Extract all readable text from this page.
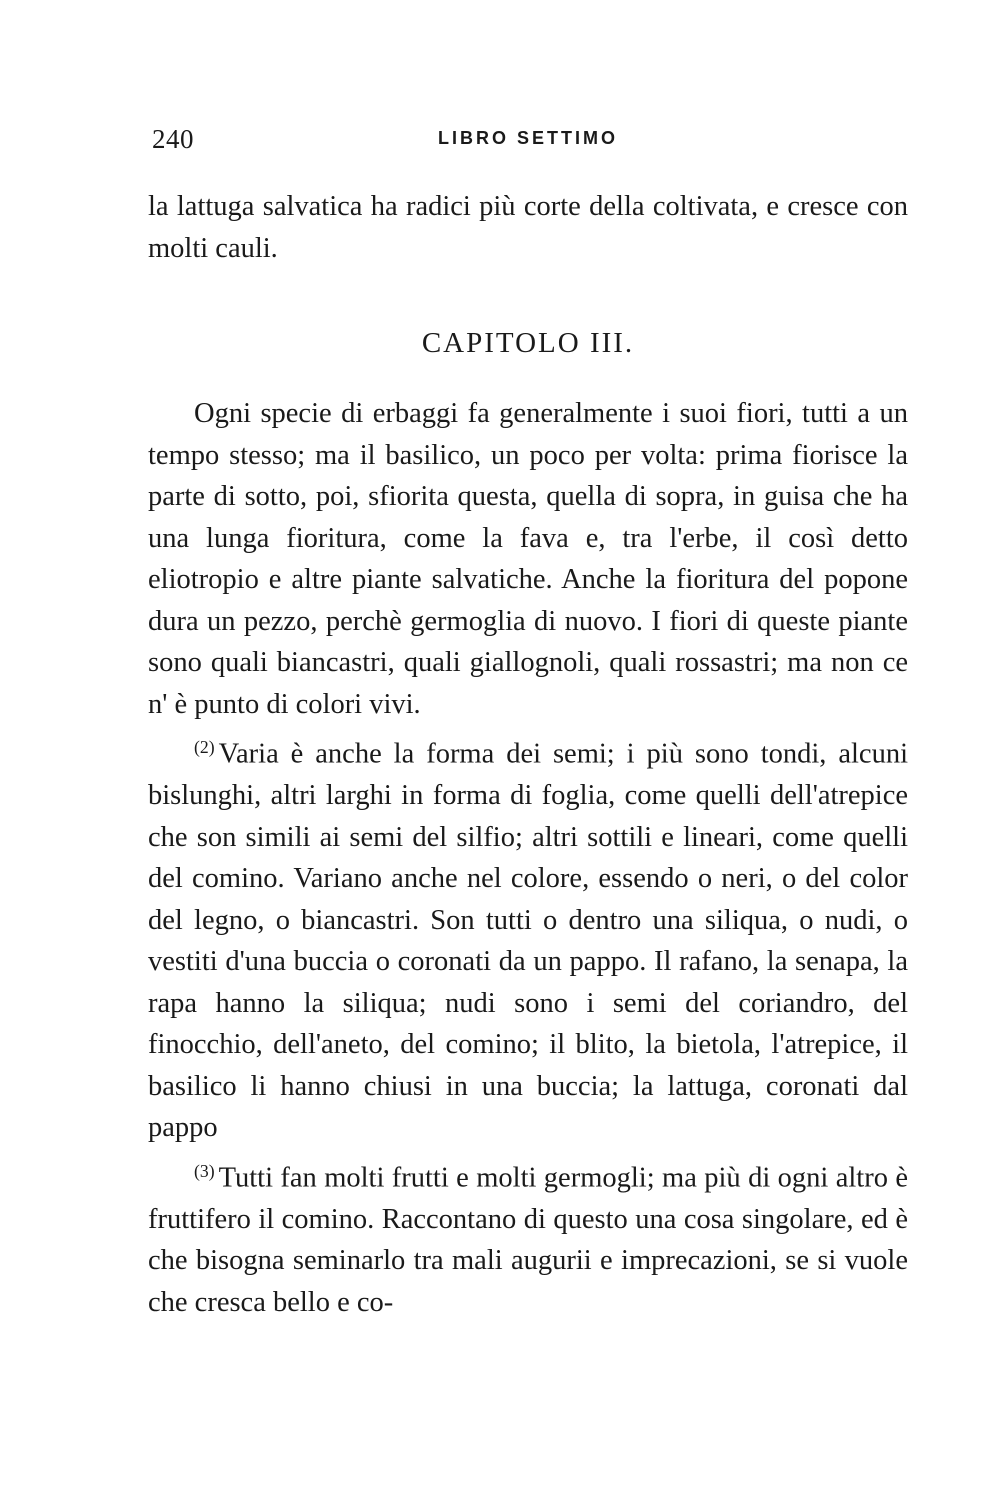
240	LIBRO SETTIMO

la lattuga salvatica ha radici più corte della coltivata, e cresce con molti cauli.

CAPITOLO III.

Ogni specie di erbaggi fa generalmente i suoi fiori, tutti a un tempo stesso; ma il basilico, un poco per volta: prima fiorisce la parte di sotto, poi, sfiorita questa, quella di sopra, in guisa che ha una lunga fioritura, come la fava e, tra l'erbe, il così detto eliotropio e altre piante salvatiche. Anche la fioritura del popone dura un pezzo, perchè germoglia di nuovo. I fiori di queste piante sono quali biancastri, quali giallognoli, quali rossastri; ma non ce n' è punto di colori vivi.

$^{(2)}$ Varia è anche la forma dei semi; i più sono tondi, alcuni bislunghi, altri larghi in forma di foglia, come quelli dell'atrepice che son simili ai semi del silfio; altri sottili e lineari, come quelli del comino. Variano anche nel colore, essendo o neri, o del color del legno, o biancastri. Son tutti o dentro una siliqua, o nudi, o vestiti d'una buccia o coronati da un pappo. Il rafano, la senapa, la rapa hanno la siliqua; nudi sono i semi del coriandro, del finocchio, dell'aneto, del comino; il blito, la bietola, l'atrepice, il basilico li hanno chiusi in una buccia; la lattuga, coronati dal pappo

$^{(3)}$ Tutti fan molti frutti e molti germogli; ma più di ogni altro è fruttifero il comino. Raccontano di questo una cosa singolare, ed è che bisogna seminarlo tra mali augurii e imprecazioni, se si vuole che cresca bello e co-
